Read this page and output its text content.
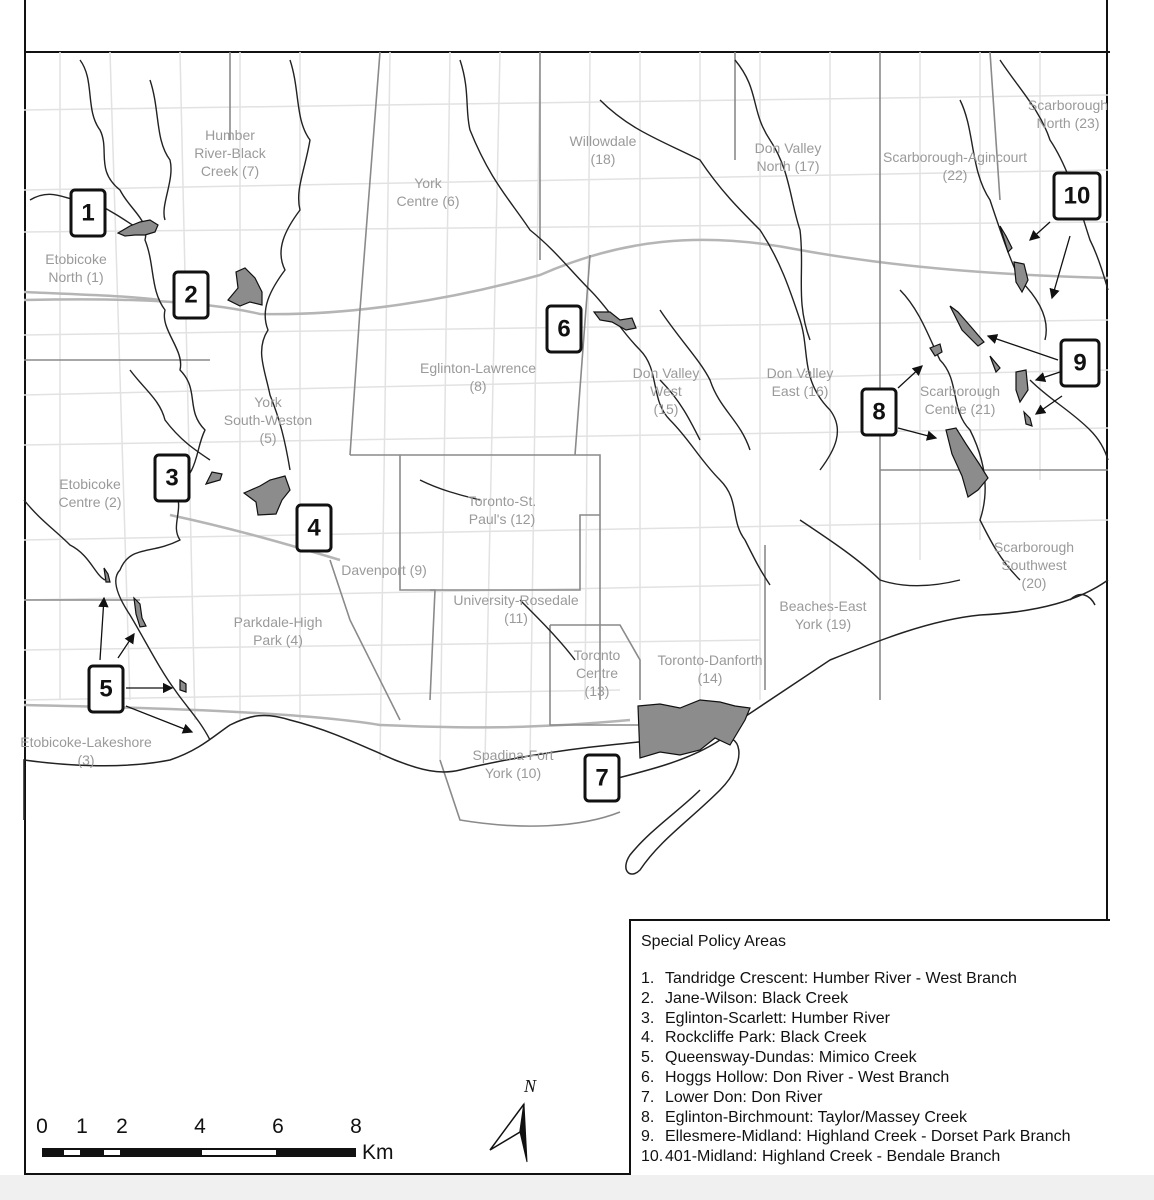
Humber River-Black Creek (7)
York Centre (6)
Willowdale (18)
Don Valley North (17)
Scarborough-Agincourt (22)
Scarborough North (23)
Etobicoke North (1)
Eglinton-Lawrence (8)
Don Valley West (15)
Don Valley East (16)	Scarborough Centre (21)
York South-Weston (5)
Etobicoke Centre (2)	Toronto-St. Paul's (12)
Davenport (9)
Scarborough Southwest (20)
University-Rosedale (11)
Beaches-East York (19)
Parkdale-High Park (4)
Toronto Centre (13)
Toronto-Danforth (14)
Etobicoke-Lakeshore (3)	Spadina-Fort York (10)
1
2
3
4
5
6
7
8
9
10
N
0 1 2	4	6	8
Km
Special Policy Areas
1. Tandridge Crescent: Humber River - West Branch
2. Jane-Wilson: Black Creek
3. Eglinton-Scarlett: Humber River
4. Rockcliffe Park: Black Creek
5. Queensway-Dundas: Mimico Creek
6. Hoggs Hollow: Don River - West Branch
7. Lower Don: Don River
8. Eglinton-Birchmount: Taylor/Massey Creek
9. Ellesmere-Midland: Highland Creek - Dorset Park Branch
10. 401-Midland: Highland Creek - Bendale Branch
